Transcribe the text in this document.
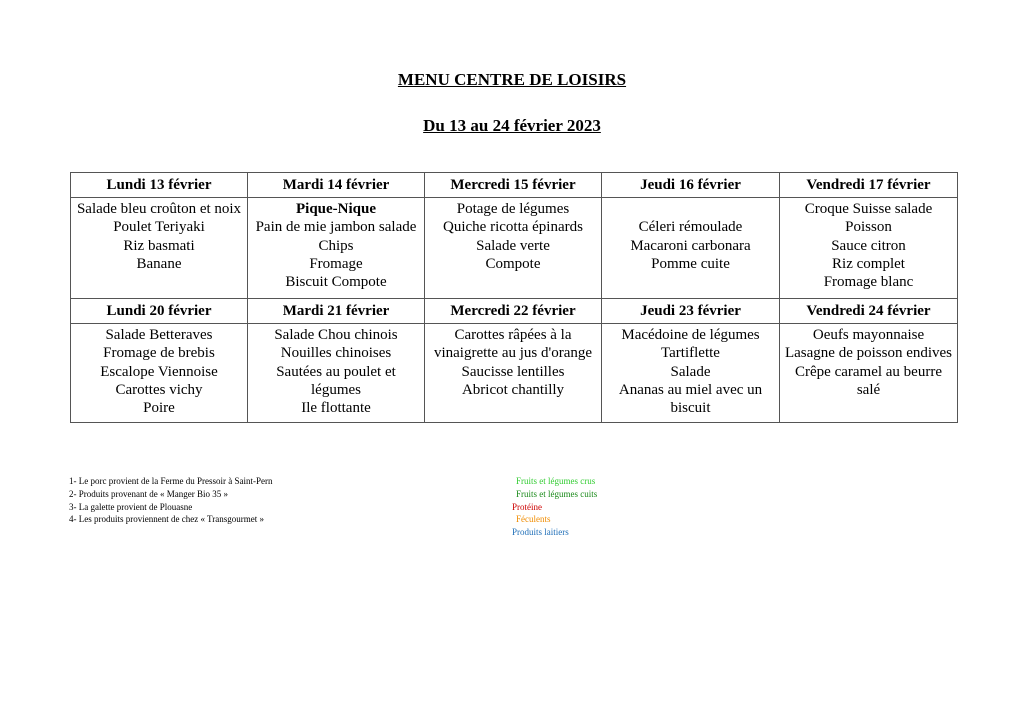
MENU CENTRE DE LOISIRS
Du 13 au 24 février 2023
Lundi 13 février	Mardi 14 février	Mercredi 15 février	Jeudi 16 février	Vendredi 17 février

Salade bleu croûton et noix
Poulet Teriyaki
Riz basmati
Banane	Pique-Nique
Pain de mie jambon salade
Chips
Fromage
Biscuit Compote	Potage de légumes
Quiche ricotta épinards
Salade verte
Compote	Céleri rémoulade
Macaroni carbonara
Pomme cuite	Croque Suisse salade
Poisson
Sauce citron
Riz complet
Fromage blanc

Lundi 20 février	Mardi 21 février	Mercredi 22 février	Jeudi 23 février	Vendredi 24 février

Salade Betteraves
Fromage de brebis
Escalope Viennoise
Carottes vichy
Poire	Salade Chou chinois
Nouilles chinoises
Sautées au poulet et légumes
Ile flottante	Carottes râpées à la vinaigrette au jus d'orange
Saucisse lentilles
Abricot chantilly	Macédoine de légumes
Tartiflette
Salade
Ananas au miel avec un biscuit	Oeufs mayonnaise
Lasagne de poisson endives
Crêpe caramel au beurre salé
1- Le porc provient de la Ferme du Pressoir à Saint-Pern
2- Produits provenant de « Manger Bio 35 »
3- La galette provient de Plouasne
4- Les produits proviennent de chez « Transgourmet »
Fruits et légumes crus
Fruits et légumes cuits
Protéine
Féculents
Produits laitiers
